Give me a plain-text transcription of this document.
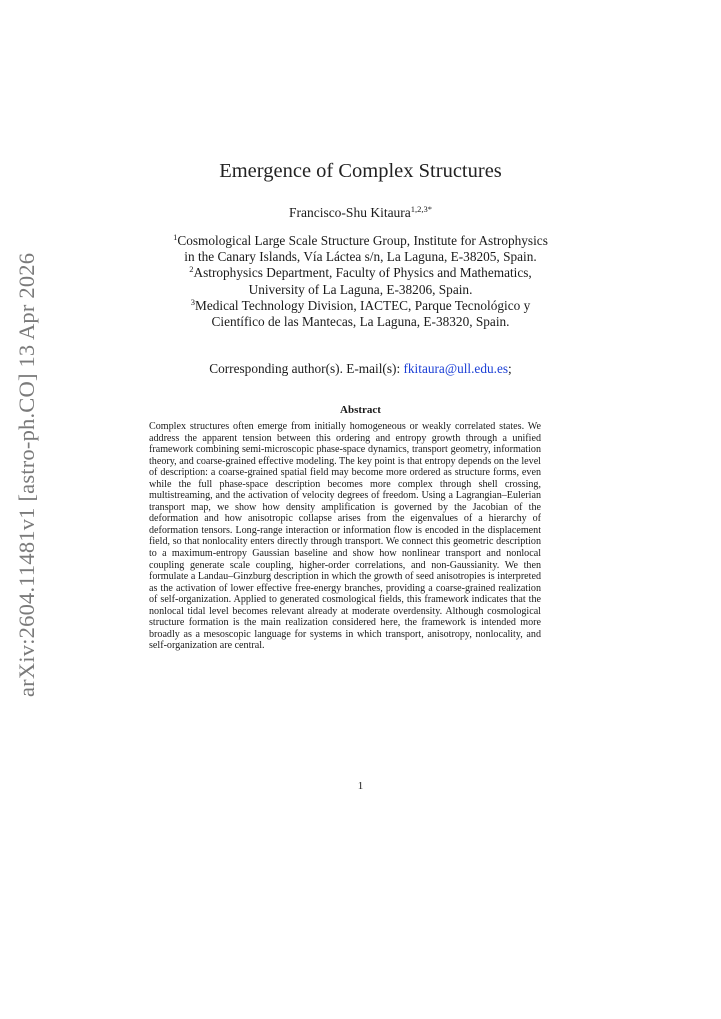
arXiv:2604.11481v1 [astro-ph.CO] 13 Apr 2026
Emergence of Complex Structures
Francisco-Shu Kitaura$^{1,2,3*}$
$^1$Cosmological Large Scale Structure Group, Institute for Astrophysics
in the Canary Islands, Vía Láctea s/n, La Laguna, E-38205, Spain.
$^2$Astrophysics Department, Faculty of Physics and Mathematics,
University of La Laguna, E-38206, Spain.
$^3$Medical Technology Division, IACTEC, Parque Tecnológico y
Científico de las Mantecas, La Laguna, E-38320, Spain.
Corresponding author(s). E-mail(s): fkitaura@ull.edu.es;
Abstract
Complex structures often emerge from initially homogeneous or weakly correlated states. We address the apparent tension between this ordering and entropy growth through a unified framework combining semi-microscopic phase-space dynamics, transport geometry, information theory, and coarse-grained effective modeling. The key point is that entropy depends on the level of description: a coarse-grained spatial field may become more ordered as structure forms, even while the full phase-space description becomes more complex through shell crossing, multistreaming, and the activation of velocity degrees of freedom. Using a Lagrangian–Eulerian transport map, we show how density amplification is governed by the Jacobian of the deformation and how anisotropic collapse arises from the eigenvalues of a hierarchy of deformation tensors. Long-range interaction or information flow is encoded in the displacement field, so that nonlocality enters directly through transport. We connect this geometric description to a maximum-entropy Gaussian baseline and show how nonlinear transport and nonlocal coupling generate scale coupling, higher-order correlations, and non-Gaussianity. We then formulate a Landau–Ginzburg description in which the growth of seed anisotropies is interpreted as the activation of lower effective free-energy branches, providing a coarse-grained realization of self-organization. Applied to generated cosmological fields, this framework indicates that the nonlocal tidal level becomes relevant already at moderate overdensity. Although cosmological structure formation is the main realization considered here, the framework is intended more broadly as a mesoscopic language for systems in which transport, anisotropy, nonlocality, and self-organization are central.
1
